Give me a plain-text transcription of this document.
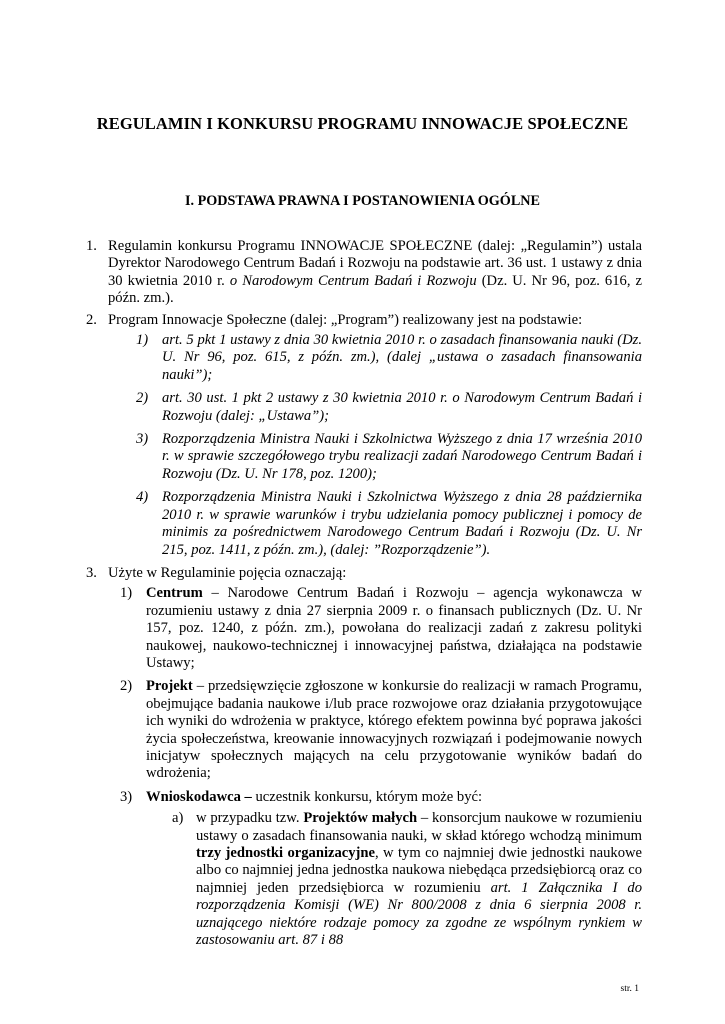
REGULAMIN I KONKURSU PROGRAMU INNOWACJE SPOŁECZNE
I. PODSTAWA PRAWNA I POSTANOWIENIA OGÓLNE
1. Regulamin konkursu Programu INNOWACJE SPOŁECZNE (dalej: „Regulamin”) ustala Dyrektor Narodowego Centrum Badań i Rozwoju na podstawie art. 36 ust. 1 ustawy z dnia 30 kwietnia 2010 r. o Narodowym Centrum Badań i Rozwoju (Dz. U. Nr 96, poz. 616, z późn. zm.).
2. Program Innowacje Społeczne (dalej: „Program”) realizowany jest na podstawie:
1) art. 5 pkt 1 ustawy z dnia 30 kwietnia 2010 r. o zasadach finansowania nauki (Dz. U. Nr 96, poz. 615, z późn. zm.), (dalej „ustawa o zasadach finansowania nauki”);
2) art. 30 ust. 1 pkt 2 ustawy z 30 kwietnia 2010 r. o Narodowym Centrum Badań i Rozwoju (dalej: „Ustawa”);
3) Rozporządzenia Ministra Nauki i Szkolnictwa Wyższego z dnia 17 września 2010 r. w sprawie szczegółowego trybu realizacji zadań Narodowego Centrum Badań i Rozwoju (Dz. U. Nr 178, poz. 1200);
4) Rozporządzenia Ministra Nauki i Szkolnictwa Wyższego z dnia 28 października 2010 r. w sprawie warunków i trybu udzielania pomocy publicznej i pomocy de minimis za pośrednictwem Narodowego Centrum Badań i Rozwoju (Dz. U. Nr 215, poz. 1411, z późn. zm.), (dalej: ”Rozporządzenie”).
3. Użyte w Regulaminie pojęcia oznaczają:
1) Centrum – Narodowe Centrum Badań i Rozwoju – agencja wykonawcza w rozumieniu ustawy z dnia 27 sierpnia 2009 r. o finansach publicznych (Dz. U. Nr 157, poz. 1240, z późn. zm.), powołana do realizacji zadań z zakresu polityki naukowej, naukowo-technicznej i innowacyjnej państwa, działająca na podstawie Ustawy;
2) Projekt – przedsięwzięcie zgłoszone w konkursie do realizacji w ramach Programu, obejmujące badania naukowe i/lub prace rozwojowe oraz działania przygotowujące ich wyniki do wdrożenia w praktyce, którego efektem powinna być poprawa jakości życia społeczeństwa, kreowanie innowacyjnych rozwiązań i podejmowanie nowych inicjatyw społecznych mających na celu przygotowanie wyników badań do wdrożenia;
3) Wnioskodawca – uczestnik konkursu, którym może być:
a) w przypadku tzw. Projektów małych – konsorcjum naukowe w rozumieniu ustawy o zasadach finansowania nauki, w skład którego wchodzą minimum trzy jednostki organizacyjne, w tym co najmniej dwie jednostki naukowe albo co najmniej jedna jednostka naukowa niebędąca przedsiębiorcą oraz co najmniej jeden przedsiębiorca w rozumieniu art. 1 Załącznika I do rozporządzenia Komisji (WE) Nr 800/2008 z dnia 6 sierpnia 2008 r. uznającego niektóre rodzaje pomocy za zgodne ze wspólnym rynkiem w zastosowaniu art. 87 i 88
str. 1
